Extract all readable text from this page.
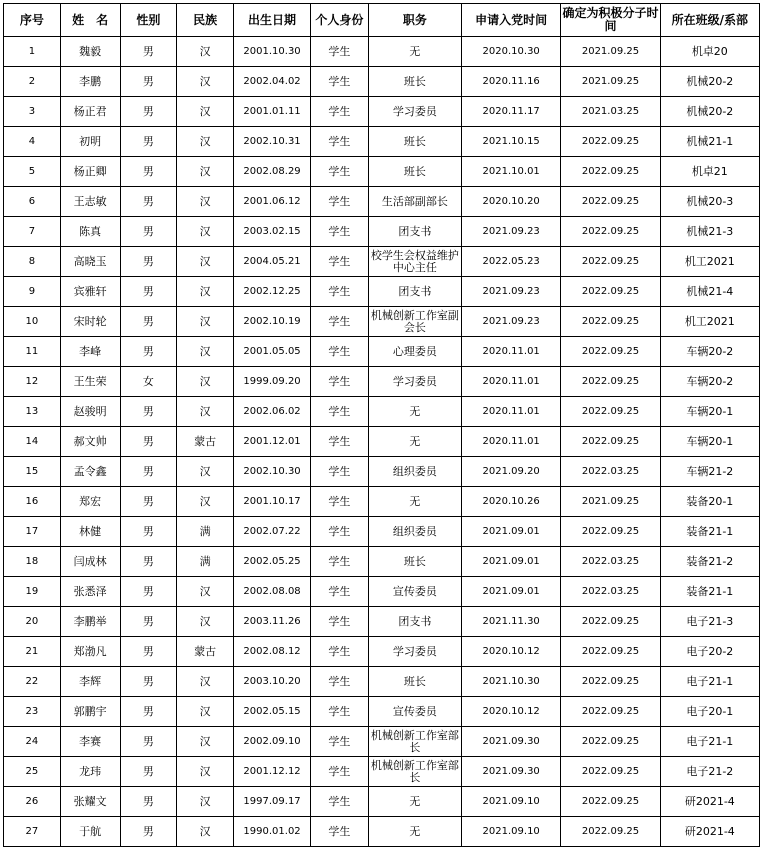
序号	姓　名	性别	民族	出生日期	个人身份	职务	申请入党时间	确定为积极分子时间	所在班级/系部
1	魏毅	男	汉	2001.10.30	学生	无	2020.10.30	2021.09.25	机卓20
2	李鹏	男	汉	2002.04.02	学生	班长	2020.11.16	2021.09.25	机械20-2
3	杨正君	男	汉	2001.01.11	学生	学习委员	2020.11.17	2021.03.25	机械20-2
4	初明	男	汉	2002.10.31	学生	班长	2021.10.15	2022.09.25	机械21-1
5	杨正卿	男	汉	2002.08.29	学生	班长	2021.10.01	2022.09.25	机卓21
6	王志敏	男	汉	2001.06.12	学生	生活部副部长	2020.10.20	2022.09.25	机械20-3
7	陈真	男	汉	2003.02.15	学生	团支书	2021.09.23	2022.09.25	机械21-3
8	高晓玉	男	汉	2004.05.21	学生	校学生会权益维护中心主任	2022.05.23	2022.09.25	机工2021
9	宾雅轩	男	汉	2002.12.25	学生	团支书	2021.09.23	2022.09.25	机械21-4
10	宋时轮	男	汉	2002.10.19	学生	机械创新工作室副会长	2021.09.23	2022.09.25	机工2021
11	李峰	男	汉	2001.05.05	学生	心理委员	2020.11.01	2022.09.25	车辆20-2
12	王生荣	女	汉	1999.09.20	学生	学习委员	2020.11.01	2022.09.25	车辆20-2
13	赵骏明	男	汉	2002.06.02	学生	无	2020.11.01	2022.09.25	车辆20-1
14	郝文帅	男	蒙古	2001.12.01	学生	无	2020.11.01	2022.09.25	车辆20-1
15	孟令鑫	男	汉	2002.10.30	学生	组织委员	2021.09.20	2022.03.25	车辆21-2
16	郑宏	男	汉	2001.10.17	学生	无	2020.10.26	2021.09.25	装备20-1
17	林健	男	满	2002.07.22	学生	组织委员	2021.09.01	2022.09.25	装备21-1
18	闫成林	男	满	2002.05.25	学生	班长	2021.09.01	2022.03.25	装备21-2
19	张悉泽	男	汉	2002.08.08	学生	宣传委员	2021.09.01	2022.03.25	装备21-1
20	李鹏举	男	汉	2003.11.26	学生	团支书	2021.11.30	2022.09.25	电子21-3
21	郑渤凡	男	蒙古	2002.08.12	学生	学习委员	2020.10.12	2022.09.25	电子20-2
22	李辉	男	汉	2003.10.20	学生	班长	2021.10.30	2022.09.25	电子21-1
23	郭鹏宇	男	汉	2002.05.15	学生	宣传委员	2020.10.12	2022.09.25	电子20-1
24	李赛	男	汉	2002.09.10	学生	机械创新工作室部长	2021.09.30	2022.09.25	电子21-1
25	龙玮	男	汉	2001.12.12	学生	机械创新工作室部长	2021.09.30	2022.09.25	电子21-2
26	张耀文	男	汉	1997.09.17	学生	无	2021.09.10	2022.09.25	研2021-4
27	于航	男	汉	1990.01.02	学生	无	2021.09.10	2022.09.25	研2021-4
